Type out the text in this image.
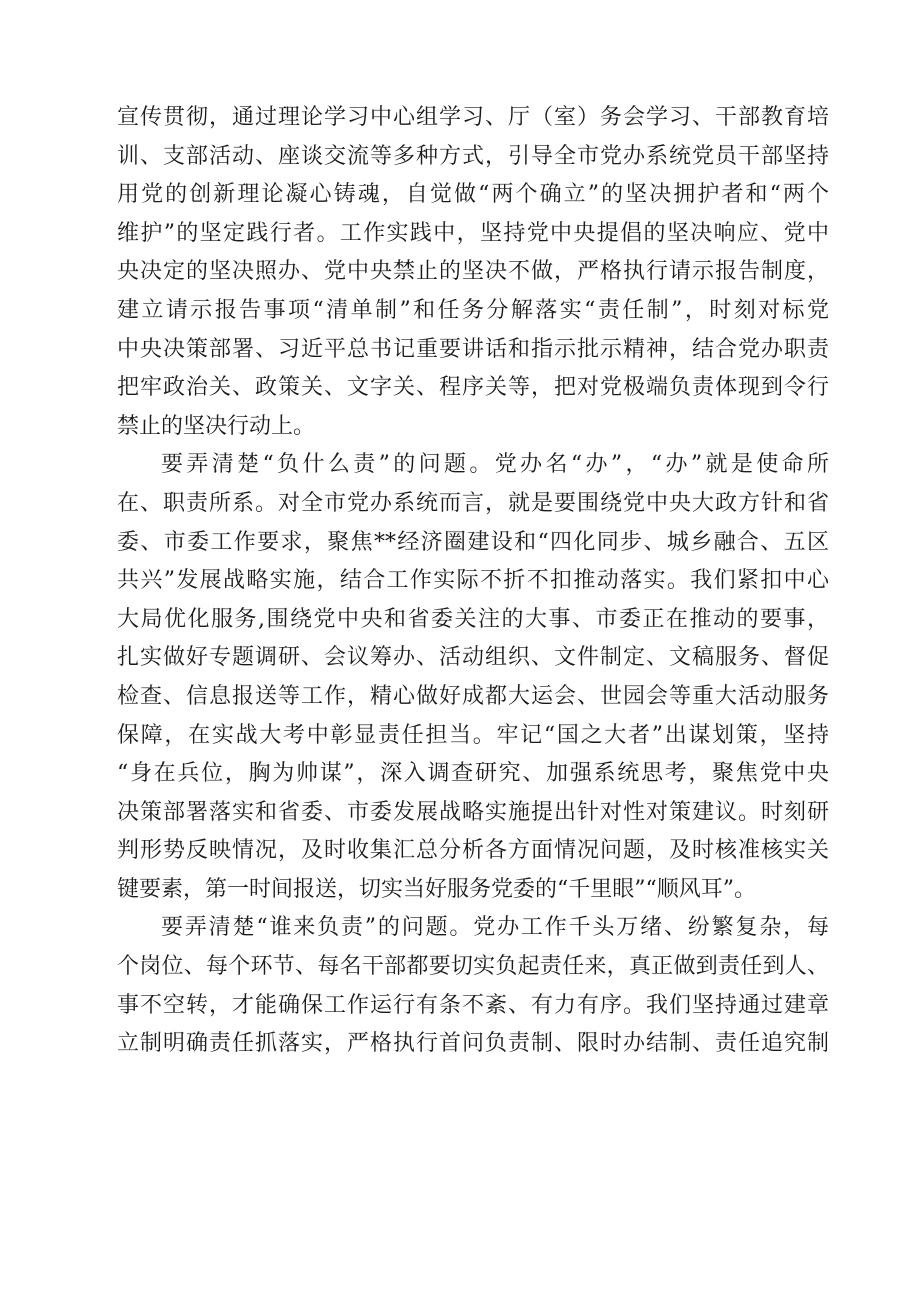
宣传贯彻，通过理论学习中心组学习、厅（室）务会学习、干部教育培
训、支部活动、座谈交流等多种方式，引导全市党办系统党员干部坚持
用党的创新理论凝心铸魂，自觉做“两个确立”的坚决拥护者和“两个
维护”的坚定践行者。工作实践中，坚持党中央提倡的坚决响应、党中
央决定的坚决照办、党中央禁止的坚决不做，严格执行请示报告制度，
建立请示报告事项“清单制”和任务分解落实“责任制”，时刻对标党
中央决策部署、习近平总书记重要讲话和指示批示精神，结合党办职责
把牢政治关、政策关、文字关、程序关等，把对党极端负责体现到令行
禁止的坚决行动上。
要弄清楚“负什么责”的问题。党办名“办”，“办”就是使命所
在、职责所系。对全市党办系统而言，就是要围绕党中央大政方针和省
委、市委工作要求，聚焦**经济圈建设和“四化同步、城乡融合、五区
共兴”发展战略实施，结合工作实际不折不扣推动落实。我们紧扣中心
大局优化服务,围绕党中央和省委关注的大事、市委正在推动的要事，
扎实做好专题调研、会议筹办、活动组织、文件制定、文稿服务、督促
检查、信息报送等工作，精心做好成都大运会、世园会等重大活动服务
保障，在实战大考中彰显责任担当。牢记“国之大者”出谋划策，坚持
“身在兵位，胸为帅谋”，深入调查研究、加强系统思考，聚焦党中央
决策部署落实和省委、市委发展战略实施提出针对性对策建议。时刻研
判形势反映情况，及时收集汇总分析各方面情况问题，及时核准核实关
键要素，第一时间报送，切实当好服务党委的“千里眼”“顺风耳”。
要弄清楚“谁来负责”的问题。党办工作千头万绪、纷繁复杂，每
个岗位、每个环节、每名干部都要切实负起责任来，真正做到责任到人、
事不空转，才能确保工作运行有条不紊、有力有序。我们坚持通过建章
立制明确责任抓落实，严格执行首问负责制、限时办结制、责任追究制
